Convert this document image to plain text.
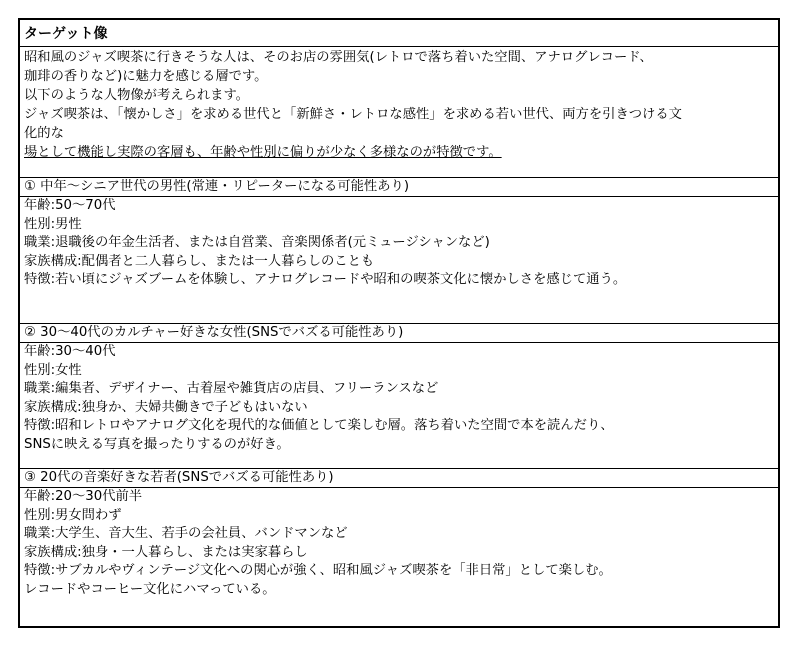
ターゲット像
昭和風のジャズ喫茶に行きそうな人は、そのお店の雰囲気(レトロで落ち着いた空間、アナログレコード、
珈琲の香りなど)に魅力を感じる層です。
以下のような人物像が考えられます。
ジャズ喫茶は、「懐かしさ」を求める世代と「新鮮さ・レトロな感性」を求める若い世代、両方を引きつける文
化的な
場として機能し実際の客層も、年齢や性別に偏りが少なく多様なのが特徴です。
① 中年～シニア世代の男性(常連・リピーターになる可能性あり)
年齢:50～70代
性別:男性
職業:退職後の年金生活者、または自営業、音楽関係者(元ミュージシャンなど)
家族構成:配偶者と二人暮らし、または一人暮らしのことも
特徴:若い頃にジャズブームを体験し、アナログレコードや昭和の喫茶文化に懐かしさを感じて通う。
② 30～40代のカルチャー好きな女性(SNSでバズる可能性あり)
年齢:30～40代
性別:女性
職業:編集者、デザイナー、古着屋や雑貨店の店員、フリーランスなど
家族構成:独身か、夫婦共働きで子どもはいない
特徴:昭和レトロやアナログ文化を現代的な価値として楽しむ層。落ち着いた空間で本を読んだり、
SNSに映える写真を撮ったりするのが好き。
③ 20代の音楽好きな若者(SNSでバズる可能性あり)
年齢:20～30代前半
性別:男女問わず
職業:大学生、音大生、若手の会社員、バンドマンなど
家族構成:独身・一人暮らし、または実家暮らし
特徴:サブカルやヴィンテージ文化への関心が強く、昭和風ジャズ喫茶を「非日常」として楽しむ。
レコードやコーヒー文化にハマっている。
